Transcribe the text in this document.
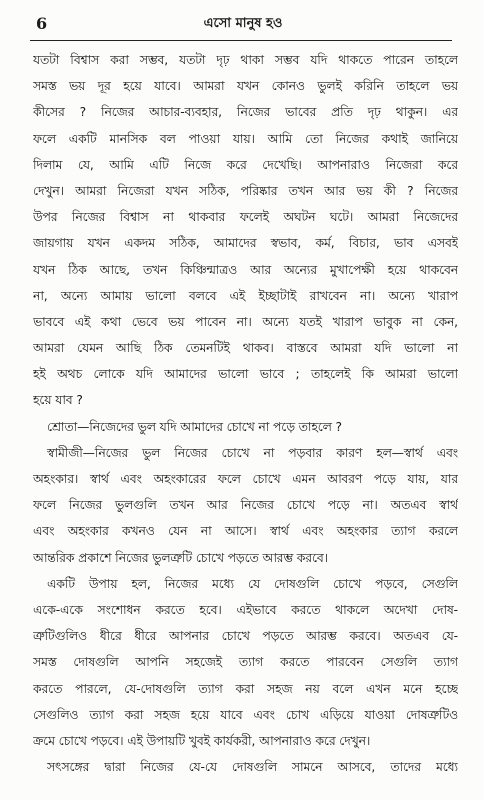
6	এসো মানুষ হও
যতটা বিশ্বাস করা সম্ভব, যতটা দৃঢ় থাকা সম্ভব যদি থাকতে পারেন তাহলে
সমস্ত ভয় দূর হয়ে যাবে। আমরা যখন কোনও ভুলই করিনি তাহলে ভয়
কীসের ? নিজের আচার-ব্যবহার, নিজের ভাবের প্রতি দৃঢ় থাকুন। এর
ফলে একটি মানসিক বল পাওয়া যায়। আমি তো নিজের কথাই জানিয়ে
দিলাম যে, আমি এটি নিজে করে দেখেছি। আপনারাও নিজেরা করে
দেখুন। আমরা নিজেরা যখন সঠিক, পরিষ্কার তখন আর ভয় কী ? নিজের
উপর নিজের বিশ্বাস না থাকবার ফলেই অঘটন ঘটে। আমরা নিজেদের
জায়গায় যখন একদম সঠিক, আমাদের স্বভাব, কর্ম, বিচার, ভাব এসবই
যখন ঠিক আছে, তখন কিঞ্চিন্মাত্রও আর অন্যের মুখাপেক্ষী হয়ে থাকবেন
না, অন্যে আমায় ভালো বলবে এই ইচ্ছাটাই রাখবেন না। অন্যে খারাপ
ভাববে এই কথা ভেবে ভয় পাবেন না। অন্যে যতই খারাপ ভাবুক না কেন,
আমরা যেমন আছি ঠিক তেমনটিই থাকব। বাস্তবে আমরা যদি ভালো না
হই অথচ লোকে যদি আমাদের ভালো ভাবে ; তাহলেই কি আমরা ভালো
হয়ে যাব ?
শ্রোতা—নিজেদের ভুল যদি আমাদের চোখে না পড়ে তাহলে ?
স্বামীজী—নিজের ভুল নিজের চোখে না পড়বার কারণ হল—স্বার্থ এবং
অহংকার। স্বার্থ এবং অহংকারের ফলে চোখে এমন আবরণ পড়ে যায়, যার
ফলে নিজের ভুলগুলি তখন আর নিজের চোখে পড়ে না। অতএব স্বার্থ
এবং অহংকার কখনও যেন না আসে। স্বার্থ এবং অহংকার ত্যাগ করলে
আন্তরিক প্রকাশে নিজের ভুলত্রুটি চোখে পড়তে আরম্ভ করবে।
একটি উপায় হল, নিজের মধ্যে যে দোষগুলি চোখে পড়বে, সেগুলি
একে-একে সংশোধন করতে হবে। এইভাবে করতে থাকলে অদেখা দোষ-
ত্রুটিগুলিও ধীরে ধীরে আপনার চোখে পড়তে আরম্ভ করবে। অতএব যে-
সমস্ত দোষগুলি আপনি সহজেই ত্যাগ করতে পারবেন সেগুলি ত্যাগ
করতে পারলে, যে-দোষগুলি ত্যাগ করা সহজ নয় বলে এখন মনে হচ্ছে
সেগুলিও ত্যাগ করা সহজ হয়ে যাবে এবং চোখ এড়িয়ে যাওয়া দোষত্রুটিও
ক্রমে চোখে পড়বে। এই উপায়টি খুবই কার্যকরী, আপনারাও করে দেখুন।
সৎসঙ্গের দ্বারা নিজের যে-যে দোষগুলি সামনে আসবে, তাদের মধ্যে
